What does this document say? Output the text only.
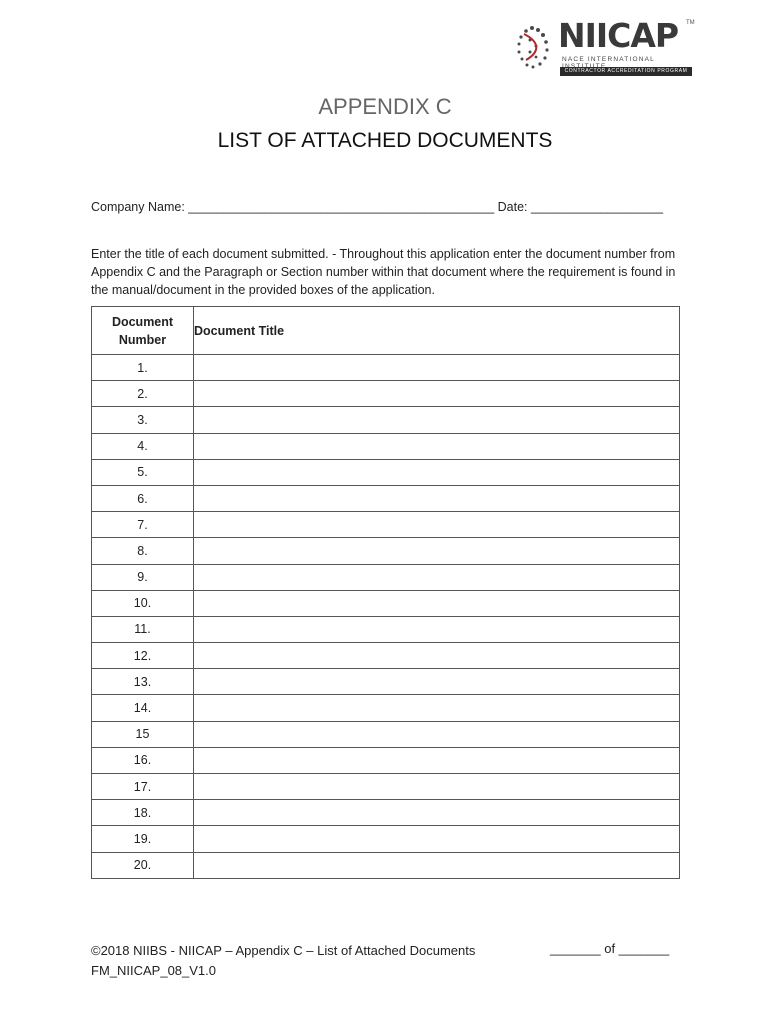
NIICAP TM
NACE INTERNATIONAL
CONTRACTOR ACCREDITATION PROGRAM
APPENDIX C
LIST OF ATTACHED DOCUMENTS
Company Name: ____________________________________________ Date: ___________________
Enter the title of each document submitted. - Throughout this application enter the document number from Appendix C and the Paragraph or Section number within that document where the requirement is found in the manual/document in the provided boxes of the application.
Document
Number	Document Title
1.	
2.	
3.	
4.	
5.	
6.	
7.	
8.	
9.	
10.	
11.	
12.	
13.	
14.	
15	
16.	
17.	
18.	
19.	
20.	
©2018 NIIBS - NIICAP – Appendix C – List of Attached Documents
FM_NIICAP_08_V1.0
_______ of _______
